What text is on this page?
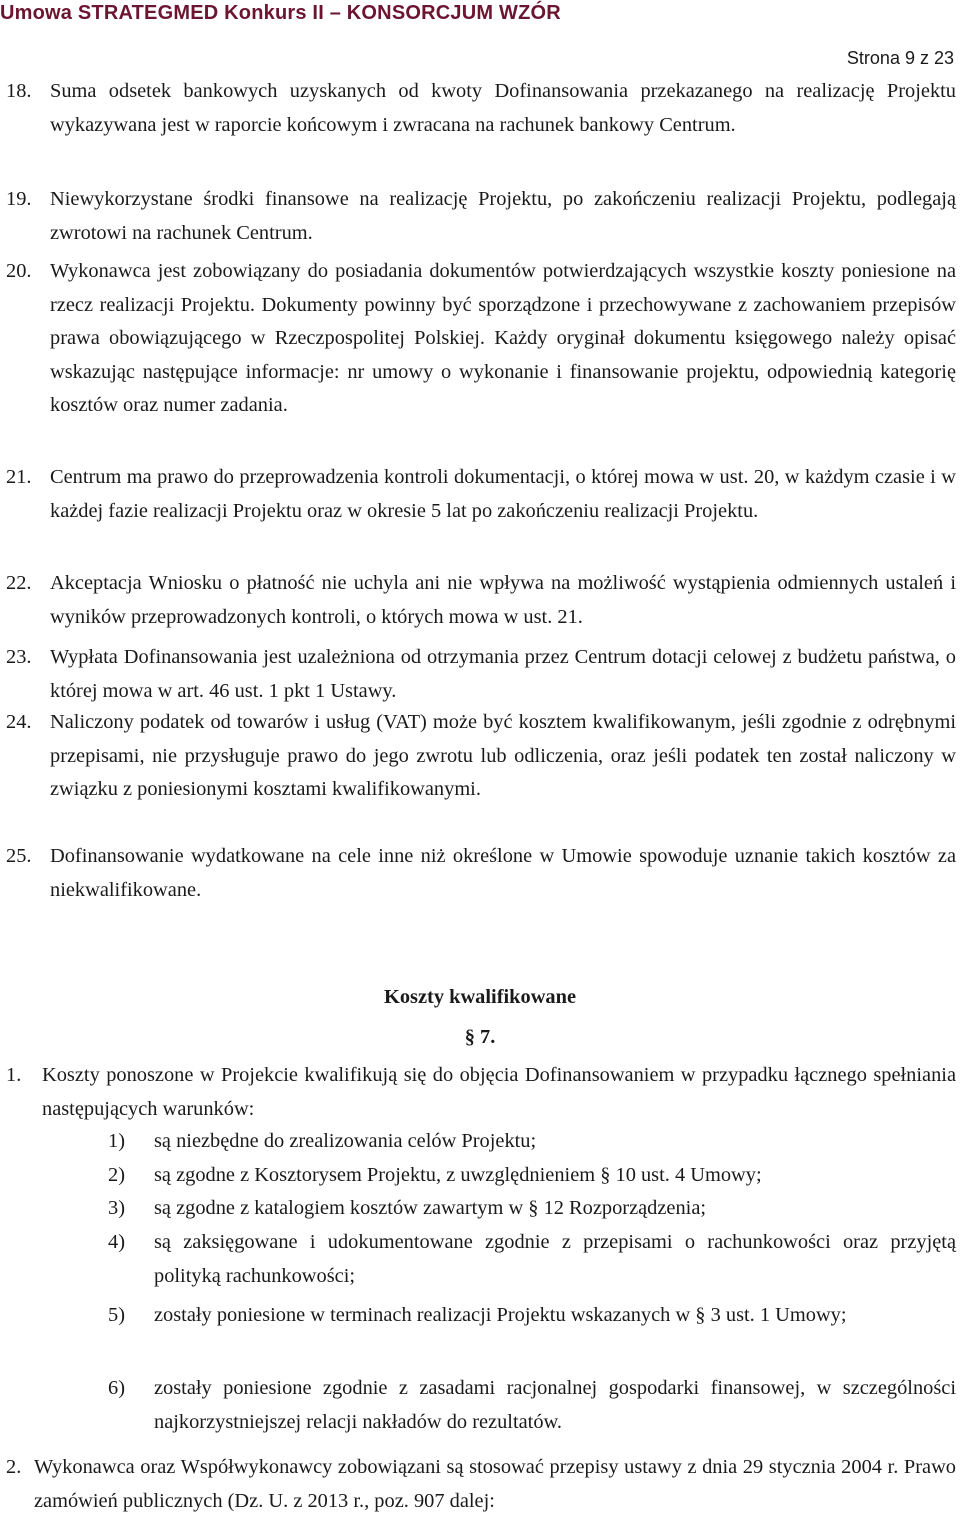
Umowa STRATEGMED Konkurs II – KONSORCJUM WZÓR
Strona 9 z 23
18. Suma odsetek bankowych uzyskanych od kwoty Dofinansowania przekazanego na realizację Projektu wykazywana jest w raporcie końcowym i zwracana na rachunek bankowy Centrum.
19. Niewykorzystane środki finansowe na realizację Projektu, po zakończeniu realizacji Projektu, podlegają zwrotowi na rachunek Centrum.
20. Wykonawca jest zobowiązany do posiadania dokumentów potwierdzających wszystkie koszty poniesione na rzecz realizacji Projektu. Dokumenty powinny być sporządzone i przechowywane z zachowaniem przepisów prawa obowiązującego w Rzeczpospolitej Polskiej. Każdy oryginał dokumentu księgowego należy opisać wskazując następujące informacje: nr umowy o wykonanie i finansowanie projektu, odpowiednią kategorię kosztów oraz numer zadania.
21. Centrum ma prawo do przeprowadzenia kontroli dokumentacji, o której mowa w ust. 20, w każdym czasie i w każdej fazie realizacji Projektu oraz w okresie 5 lat po zakończeniu realizacji Projektu.
22. Akceptacja Wniosku o płatność nie uchyla ani nie wpływa na możliwość wystąpienia odmiennych ustaleń i wyników przeprowadzonych kontroli, o których mowa w ust. 21.
23. Wypłata Dofinansowania jest uzależniona od otrzymania przez Centrum dotacji celowej z budżetu państwa, o której mowa w art. 46 ust. 1 pkt 1 Ustawy.
24. Naliczony podatek od towarów i usług (VAT) może być kosztem kwalifikowanym, jeśli zgodnie z odrębnymi przepisami, nie przysługuje prawo do jego zwrotu lub odliczenia, oraz jeśli podatek ten został naliczony w związku z poniesionymi kosztami kwalifikowanymi.
25. Dofinansowanie wydatkowane na cele inne niż określone w Umowie spowoduje uznanie takich kosztów za niekwalifikowane.
Koszty kwalifikowane
§ 7.
1. Koszty ponoszone w Projekcie kwalifikują się do objęcia Dofinansowaniem w przypadku łącznego spełniania następujących warunków:
1) są niezbędne do zrealizowania celów Projektu;
2) są zgodne z Kosztorysem Projektu, z uwzględnieniem § 10 ust. 4 Umowy;
3) są zgodne z katalogiem kosztów zawartym w § 12 Rozporządzenia;
4) są zaksięgowane i udokumentowane zgodnie z przepisami o rachunkowości oraz przyjętą polityką rachunkowości;
5) zostały poniesione w terminach realizacji Projektu wskazanych w § 3 ust. 1 Umowy;
6) zostały poniesione zgodnie z zasadami racjonalnej gospodarki finansowej, w szczególności najkorzystniejszej relacji nakładów do rezultatów.
2. Wykonawca oraz Współwykonawcy zobowiązani są stosować przepisy ustawy z dnia 29 stycznia 2004 r. Prawo zamówień publicznych (Dz. U. z 2013 r., poz. 907 dalej:
